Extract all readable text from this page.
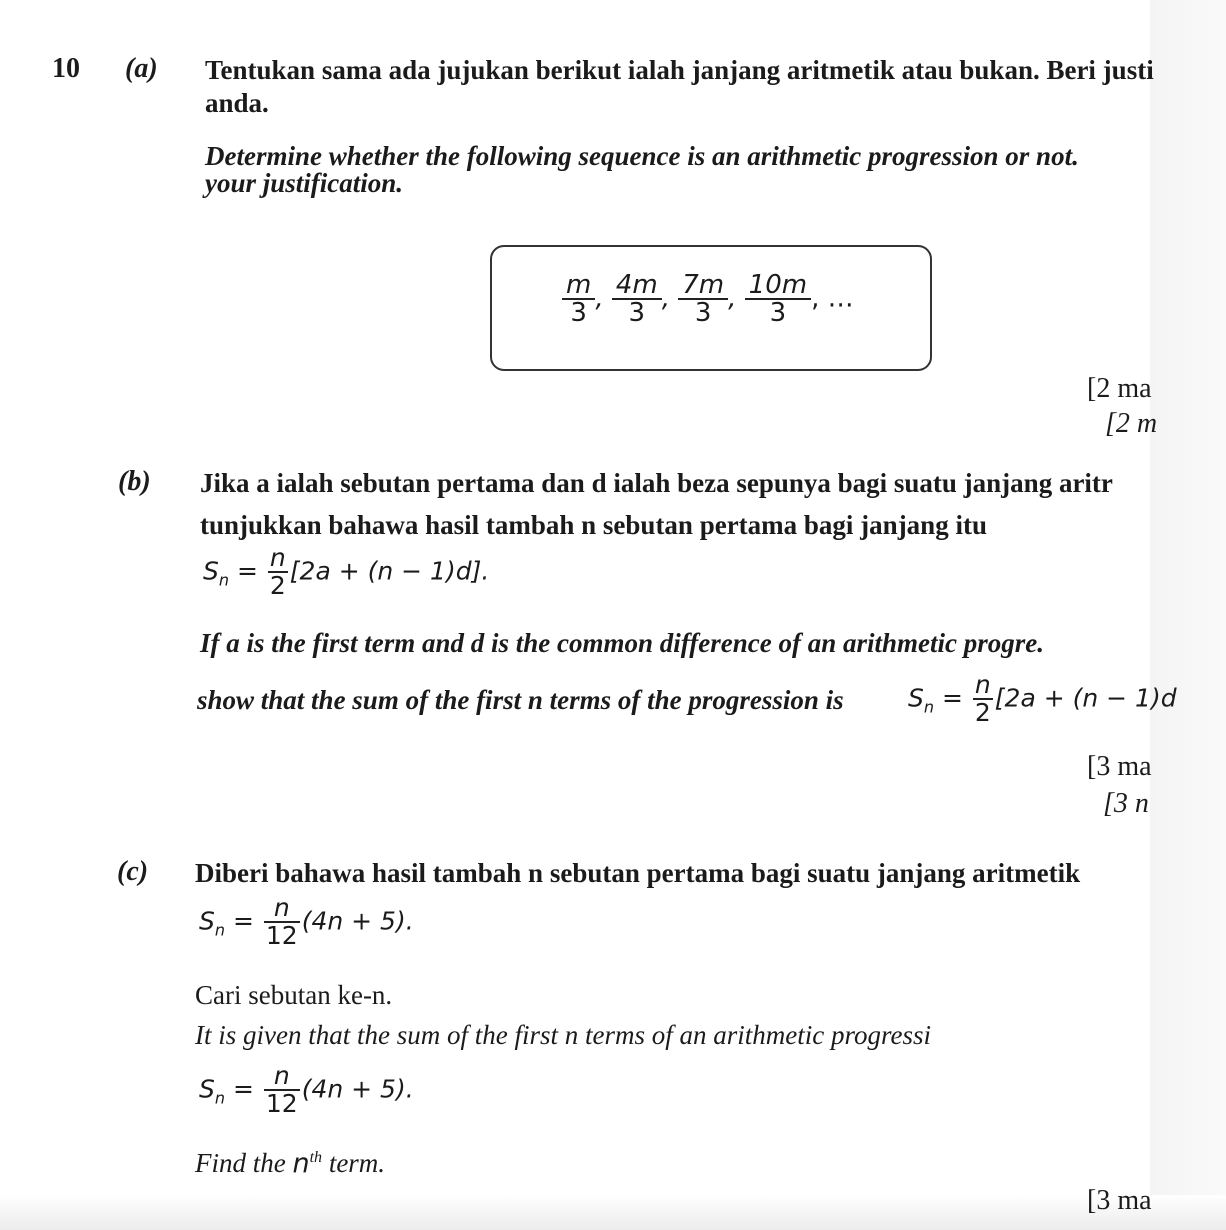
10 (a) Tentukan sama ada jujukan berikut ialah janjang aritmetik atau bukan. Beri justi
anda.
Determine whether the following sequence is an arithmetic progression or not.
your justification.
$\frac{m}{3}$ , $\frac{4m}{3}$ , $\frac{7m}{3}$ , $\frac{10m}{3}$ , …
[2 ma
[2 m
(b) Jika a ialah sebutan pertama dan d ialah beza sepunya bagi suatu janjang aritr
tunjukkan bahawa hasil tambah n sebutan pertama bagi janjang itu
$S_n = \frac{n}{2} [2a + (n - 1)d]$.
If a is the first term and d is the common difference of an arithmetic progre.
show that the sum of the first n terms of the progression is	$S_n = \frac{n}{2} [2a + (n - 1)d$
[3 ma
[3 n
(c) Diberi bahawa hasil tambah n sebutan pertama bagi suatu janjang aritmetik
$S_n = \frac{n}{12} (4n + 5)$.
Cari sebutan ke-n.
It is given that the sum of the first n terms of an arithmetic progressi
$S_n = \frac{n}{12} (4n + 5)$.
Find the $n^{th}$ term.
[3 ma
